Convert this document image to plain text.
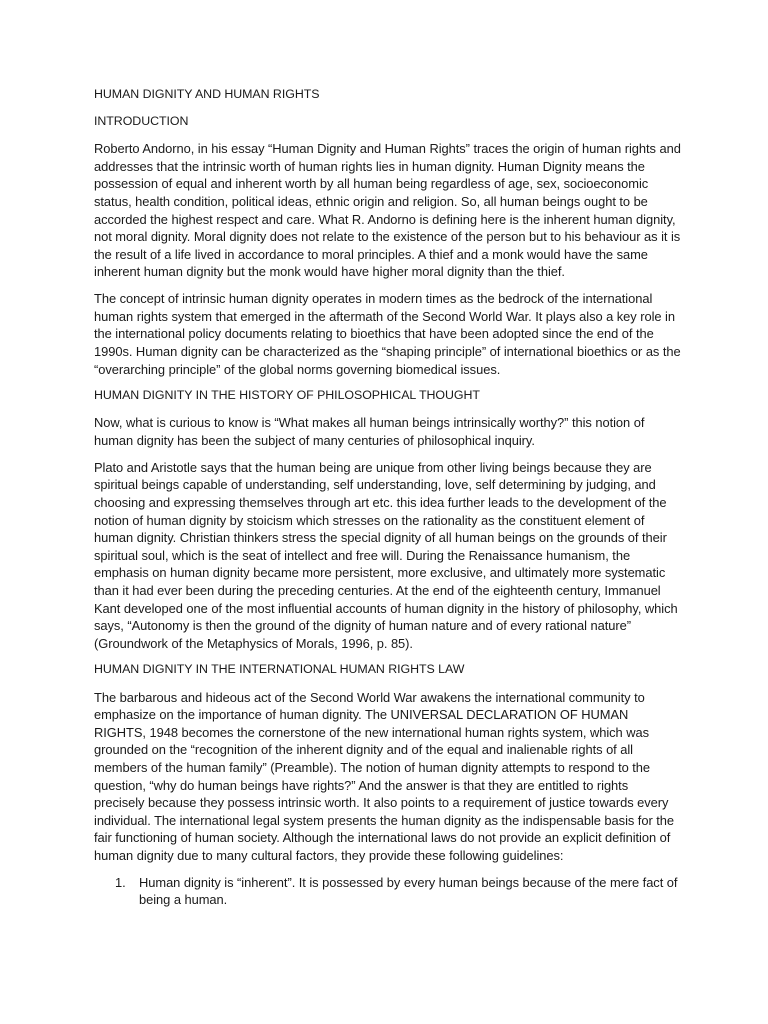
HUMAN DIGNITY AND HUMAN RIGHTS
INTRODUCTION

Roberto Andorno, in his essay “Human Dignity and Human Rights” traces the origin of human rights and addresses that the intrinsic worth of human rights lies in human dignity. Human Dignity means the possession of equal and inherent worth by all human being regardless of age, sex, socioeconomic status, health condition, political ideas, ethnic origin and religion. So, all human beings ought to be accorded the highest respect and care. What R. Andorno is defining here is the inherent human dignity, not moral dignity. Moral dignity does not relate to the existence of the person but to his behaviour as it is the result of a life lived in accordance to moral principles. A thief and a monk would have the same inherent human dignity but the monk would have higher moral dignity than the thief.

The concept of intrinsic human dignity operates in modern times as the bedrock of the international human rights system that emerged in the aftermath of the Second World War. It plays also a key role in the international policy documents relating to bioethics that have been adopted since the end of the 1990s. Human dignity can be characterized as the “shaping principle” of international bioethics or as the “overarching principle” of the global norms governing biomedical issues.

HUMAN DIGNITY IN THE HISTORY OF PHILOSOPHICAL THOUGHT

Now, what is curious to know is “What makes all human beings intrinsically worthy?” this notion of human dignity has been the subject of many centuries of philosophical inquiry.

Plato and Aristotle says that the human being are unique from other living beings because they are spiritual beings capable of understanding, self understanding, love, self determining by judging, and choosing and expressing themselves through art etc. this idea further leads to the development of the notion of human dignity by stoicism which stresses on the rationality as the constituent element of human dignity. Christian thinkers stress the special dignity of all human beings on the grounds of their spiritual soul, which is the seat of intellect and free will. During the Renaissance humanism, the emphasis on human dignity became more persistent, more exclusive, and ultimately more systematic than it had ever been during the preceding centuries. At the end of the eighteenth century, Immanuel Kant developed one of the most influential accounts of human dignity in the history of philosophy, which says, “Autonomy is then the ground of the dignity of human nature and of every rational nature” (Groundwork of the Metaphysics of Morals, 1996, p. 85).

HUMAN DIGNITY IN THE INTERNATIONAL HUMAN RIGHTS LAW

The barbarous and hideous act of the Second World War awakens the international community to emphasize on the importance of human dignity. The UNIVERSAL DECLARATION OF HUMAN RIGHTS, 1948 becomes the cornerstone of the new international human rights system, which was grounded on the “recognition of the inherent dignity and of the equal and inalienable rights of all members of the human family” (Preamble). The notion of human dignity attempts to respond to the question, “why do human beings have rights?” And the answer is that they are entitled to rights precisely because they possess intrinsic worth. It also points to a requirement of justice towards every individual. The international legal system presents the human dignity as the indispensable basis for the fair functioning of human society. Although the international laws do not provide an explicit definition of human dignity due to many cultural factors, they provide these following guidelines:

1. Human dignity is “inherent”. It is possessed by every human beings because of the mere fact of being a human.
